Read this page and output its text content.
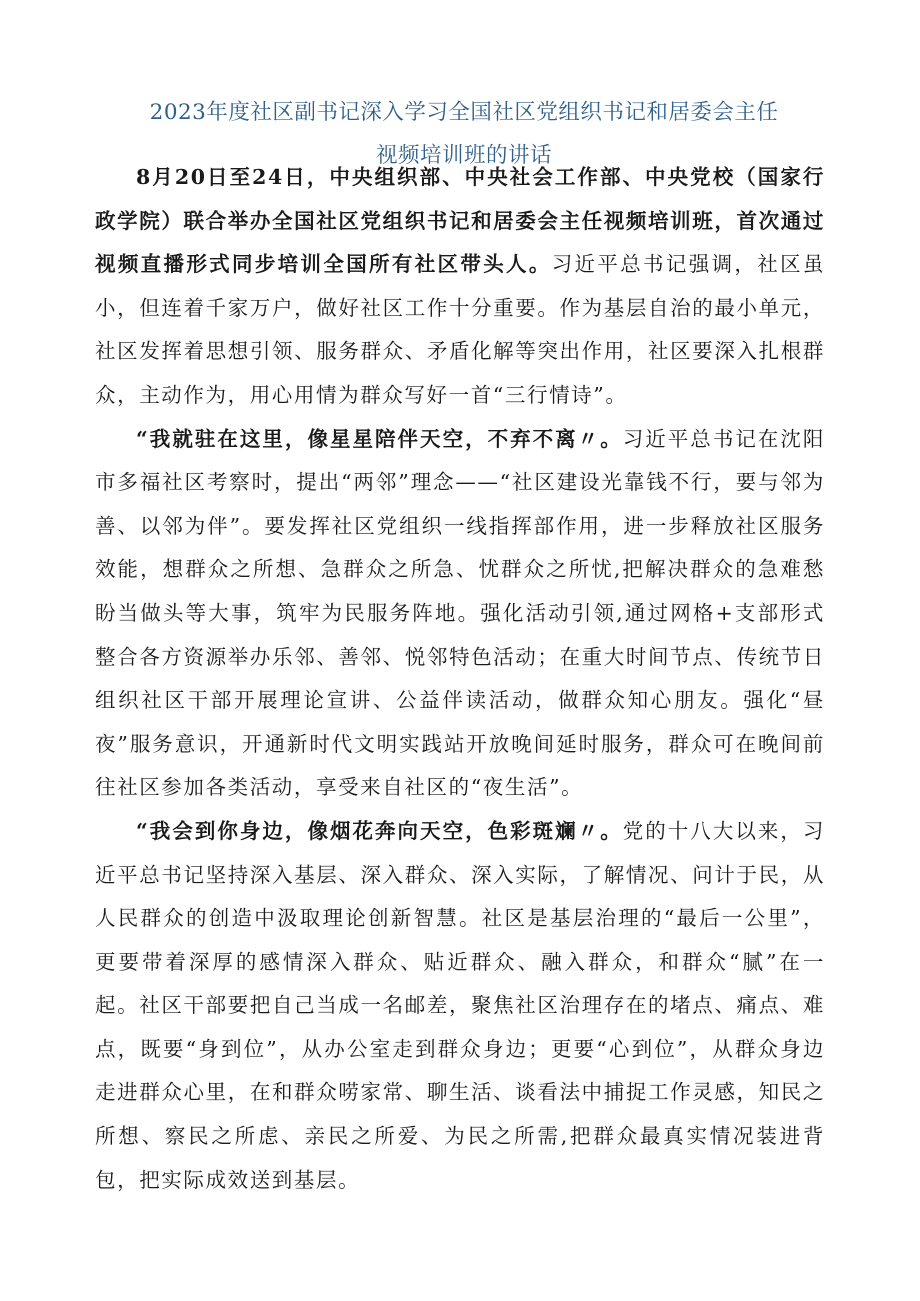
2023年度社区副书记深入学习全国社区党组织书记和居委会主任
视频培训班的讲话

8月20日至24日，中央组织部、中央社会工作部、中央党校（国家行政学院）联合举办全国社区党组织书记和居委会主任视频培训班，首次通过视频直播形式同步培训全国所有社区带头人。习近平总书记强调，社区虽小，但连着千家万户，做好社区工作十分重要。作为基层自治的最小单元，社区发挥着思想引领、服务群众、矛盾化解等突出作用，社区要深入扎根群众，主动作为，用心用情为群众写好一首“三行情诗”。

“我就驻在这里，像星星陪伴天空，不弃不离〃。习近平总书记在沈阳市多福社区考察时，提出“两邻”理念——“社区建设光靠钱不行，要与邻为善、以邻为伴”。要发挥社区党组织一线指挥部作用，进一步释放社区服务效能，想群众之所想、急群众之所急、忧群众之所忧,把解决群众的急难愁盼当做头等大事，筑牢为民服务阵地。强化活动引领,通过网格+支部形式整合各方资源举办乐邻、善邻、悦邻特色活动；在重大时间节点、传统节日组织社区干部开展理论宣讲、公益伴读活动，做群众知心朋友。强化“昼夜”服务意识，开通新时代文明实践站开放晚间延时服务，群众可在晚间前往社区参加各类活动，享受来自社区的“夜生活”。

“我会到你身边，像烟花奔向天空，色彩斑斓〃。党的十八大以来，习近平总书记坚持深入基层、深入群众、深入实际，了解情况、问计于民，从人民群众的创造中汲取理论创新智慧。社区是基层治理的“最后一公里”，更要带着深厚的感情深入群众、贴近群众、融入群众，和群众“腻”在一起。社区干部要把自己当成一名邮差，聚焦社区治理存在的堵点、痛点、难点，既要“身到位”，从办公室走到群众身边；更要“心到位”，从群众身边走进群众心里，在和群众唠家常、聊生活、谈看法中捕捉工作灵感，知民之所想、察民之所虑、亲民之所爱、为民之所需,把群众最真实情况装进背包，把实际成效送到基层。
